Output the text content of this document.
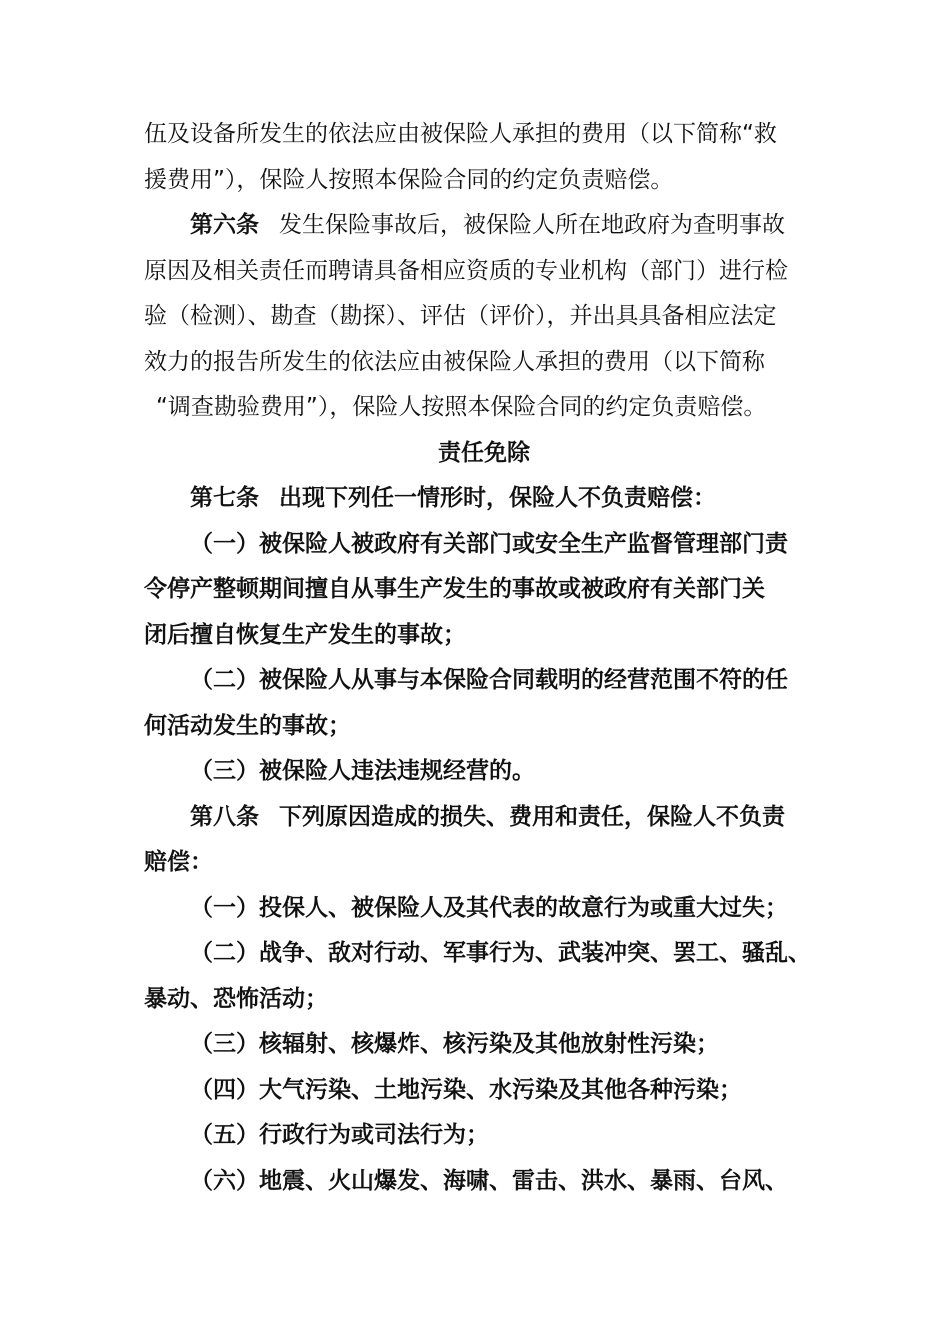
伍及设备所发生的依法应由被保险人承担的费用（以下简称“救
援费用”），保险人按照本保险合同的约定负责赔偿。
第六条 发生保险事故后，被保险人所在地政府为查明事故
原因及相关责任而聘请具备相应资质的专业机构（部门）进行检
验（检测）、勘查（勘探）、评估（评价），并出具具备相应法定
效力的报告所发生的依法应由被保险人承担的费用（以下简称
“调查勘验费用”），保险人按照本保险合同的约定负责赔偿。
责任免除
第七条 出现下列任一情形时，保险人不负责赔偿：
（一）被保险人被政府有关部门或安全生产监督管理部门责
令停产整顿期间擅自从事生产发生的事故或被政府有关部门关
闭后擅自恢复生产发生的事故；
（二）被保险人从事与本保险合同载明的经营范围不符的任
何活动发生的事故；
（三）被保险人违法违规经营的。
第八条 下列原因造成的损失、费用和责任，保险人不负责
赔偿：
（一）投保人、被保险人及其代表的故意行为或重大过失；
（二）战争、敌对行动、军事行为、武装冲突、罢工、骚乱、
暴动、恐怖活动；
（三）核辐射、核爆炸、核污染及其他放射性污染；
（四）大气污染、土地污染、水污染及其他各种污染；
（五）行政行为或司法行为；
（六）地震、火山爆发、海啸、雷击、洪水、暴雨、台风、
